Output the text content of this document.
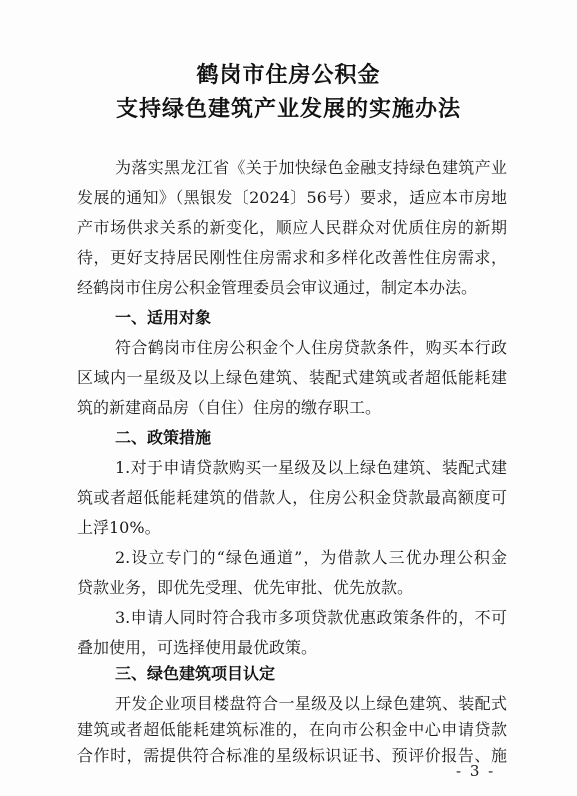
鹤岗市住房公积金
支持绿色建筑产业发展的实施办法
为落实黑龙江省《关于加快绿色金融支持绿色建筑产业
发展的通知》（黑银发〔2024〕56号）要求，适应本市房地
产市场供求关系的新变化，顺应人民群众对优质住房的新期
待，更好支持居民刚性住房需求和多样化改善性住房需求，
经鹤岗市住房公积金管理委员会审议通过，制定本办法。
一、适用对象
符合鹤岗市住房公积金个人住房贷款条件，购买本行政
区域内一星级及以上绿色建筑、装配式建筑或者超低能耗建
筑的新建商品房（自住）住房的缴存职工。
二、政策措施
1.对于申请贷款购买一星级及以上绿色建筑、装配式建
筑或者超低能耗建筑的借款人，住房公积金贷款最高额度可
上浮10%。
2.设立专门的“绿色通道”，为借款人三优办理公积金
贷款业务，即优先受理、优先审批、优先放款。
3.申请人同时符合我市多项贷款优惠政策条件的，不可
叠加使用，可选择使用最优政策。
三、绿色建筑项目认定
开发企业项目楼盘符合一星级及以上绿色建筑、装配式
建筑或者超低能耗建筑标准的，在向市公积金中心申请贷款
合作时，需提供符合标准的星级标识证书、预评价报告、施
- 3 -
